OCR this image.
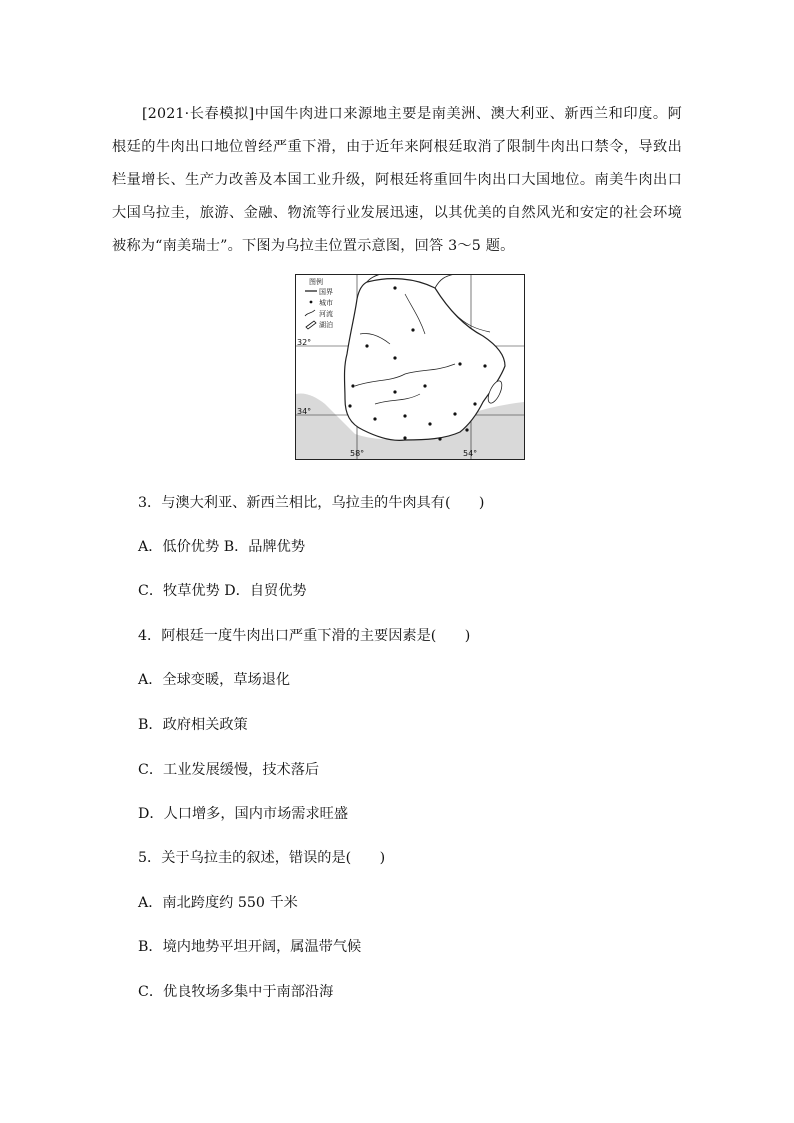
[2021·长春模拟]中国牛肉进口来源地主要是南美洲、澳大利亚、新西兰和印度。阿根廷的牛肉出口地位曾经严重下滑，由于近年来阿根廷取消了限制牛肉出口禁令，导致出栏量增长、生产力改善及本国工业升级，阿根廷将重回牛肉出口大国地位。南美牛肉出口大国乌拉圭，旅游、金融、物流等行业发展迅速，以其优美的自然风光和安定的社会环境被称为“南美瑞士”。下图为乌拉圭位置示意图，回答 3～5 题。
图例
国界
城市
河流
湖泊
32°
34°
58°	54°
3．与澳大利亚、新西兰相比，乌拉圭的牛肉具有(　　)
A．低价优势 B．品牌优势
C．牧草优势 D．自贸优势
4．阿根廷一度牛肉出口严重下滑的主要因素是(　　)
A．全球变暖，草场退化
B．政府相关政策
C．工业发展缓慢，技术落后
D．人口增多，国内市场需求旺盛
5．关于乌拉圭的叙述，错误的是(　　)
A．南北跨度约 550 千米
B．境内地势平坦开阔，属温带气候
C．优良牧场多集中于南部沿海
